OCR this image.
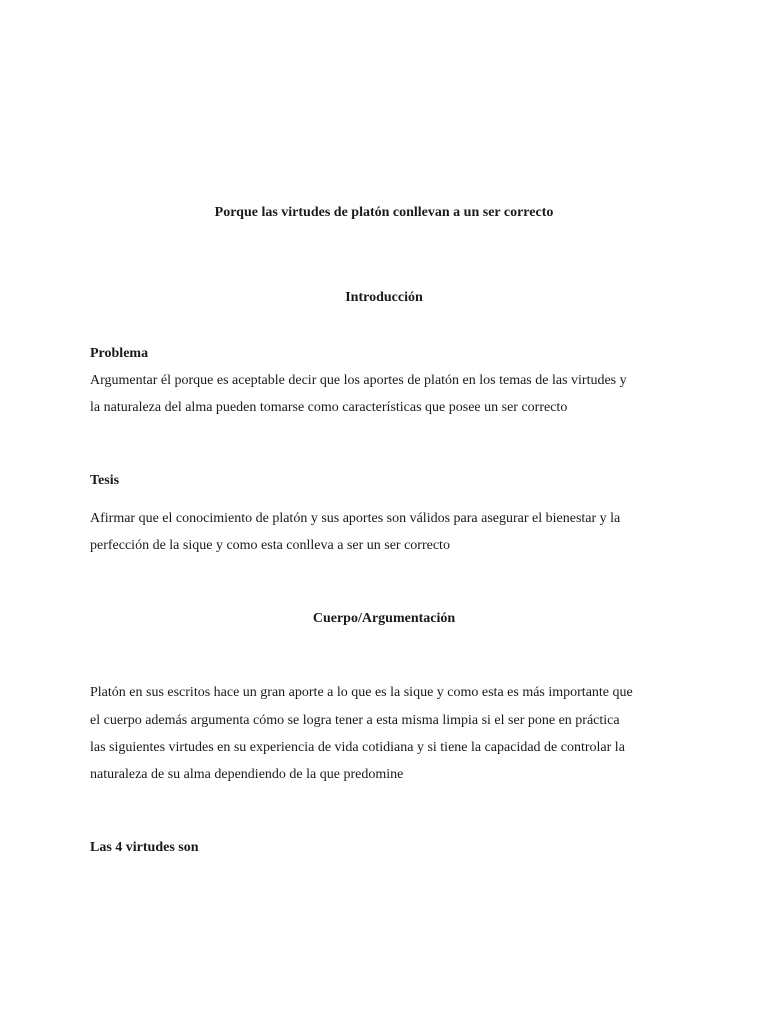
Porque las virtudes de platón conllevan a un ser correcto
Introducción
Problema
Argumentar él porque es aceptable decir que los aportes de platón en los temas de las virtudes y
la naturaleza del alma pueden tomarse como características que posee un ser correcto
Tesis
Afirmar que el conocimiento de platón y sus aportes son válidos para asegurar el bienestar y la
perfección de la sique y como esta conlleva a ser un ser correcto
Cuerpo/Argumentación
Platón en sus escritos hace un gran aporte a lo que es la sique y como esta es más importante que
el cuerpo además argumenta cómo se logra tener a esta misma limpia si el ser pone en práctica
las siguientes virtudes en su experiencia de vida cotidiana y si tiene la capacidad de controlar la
naturaleza de su alma dependiendo de la que predomine
Las 4 virtudes son
